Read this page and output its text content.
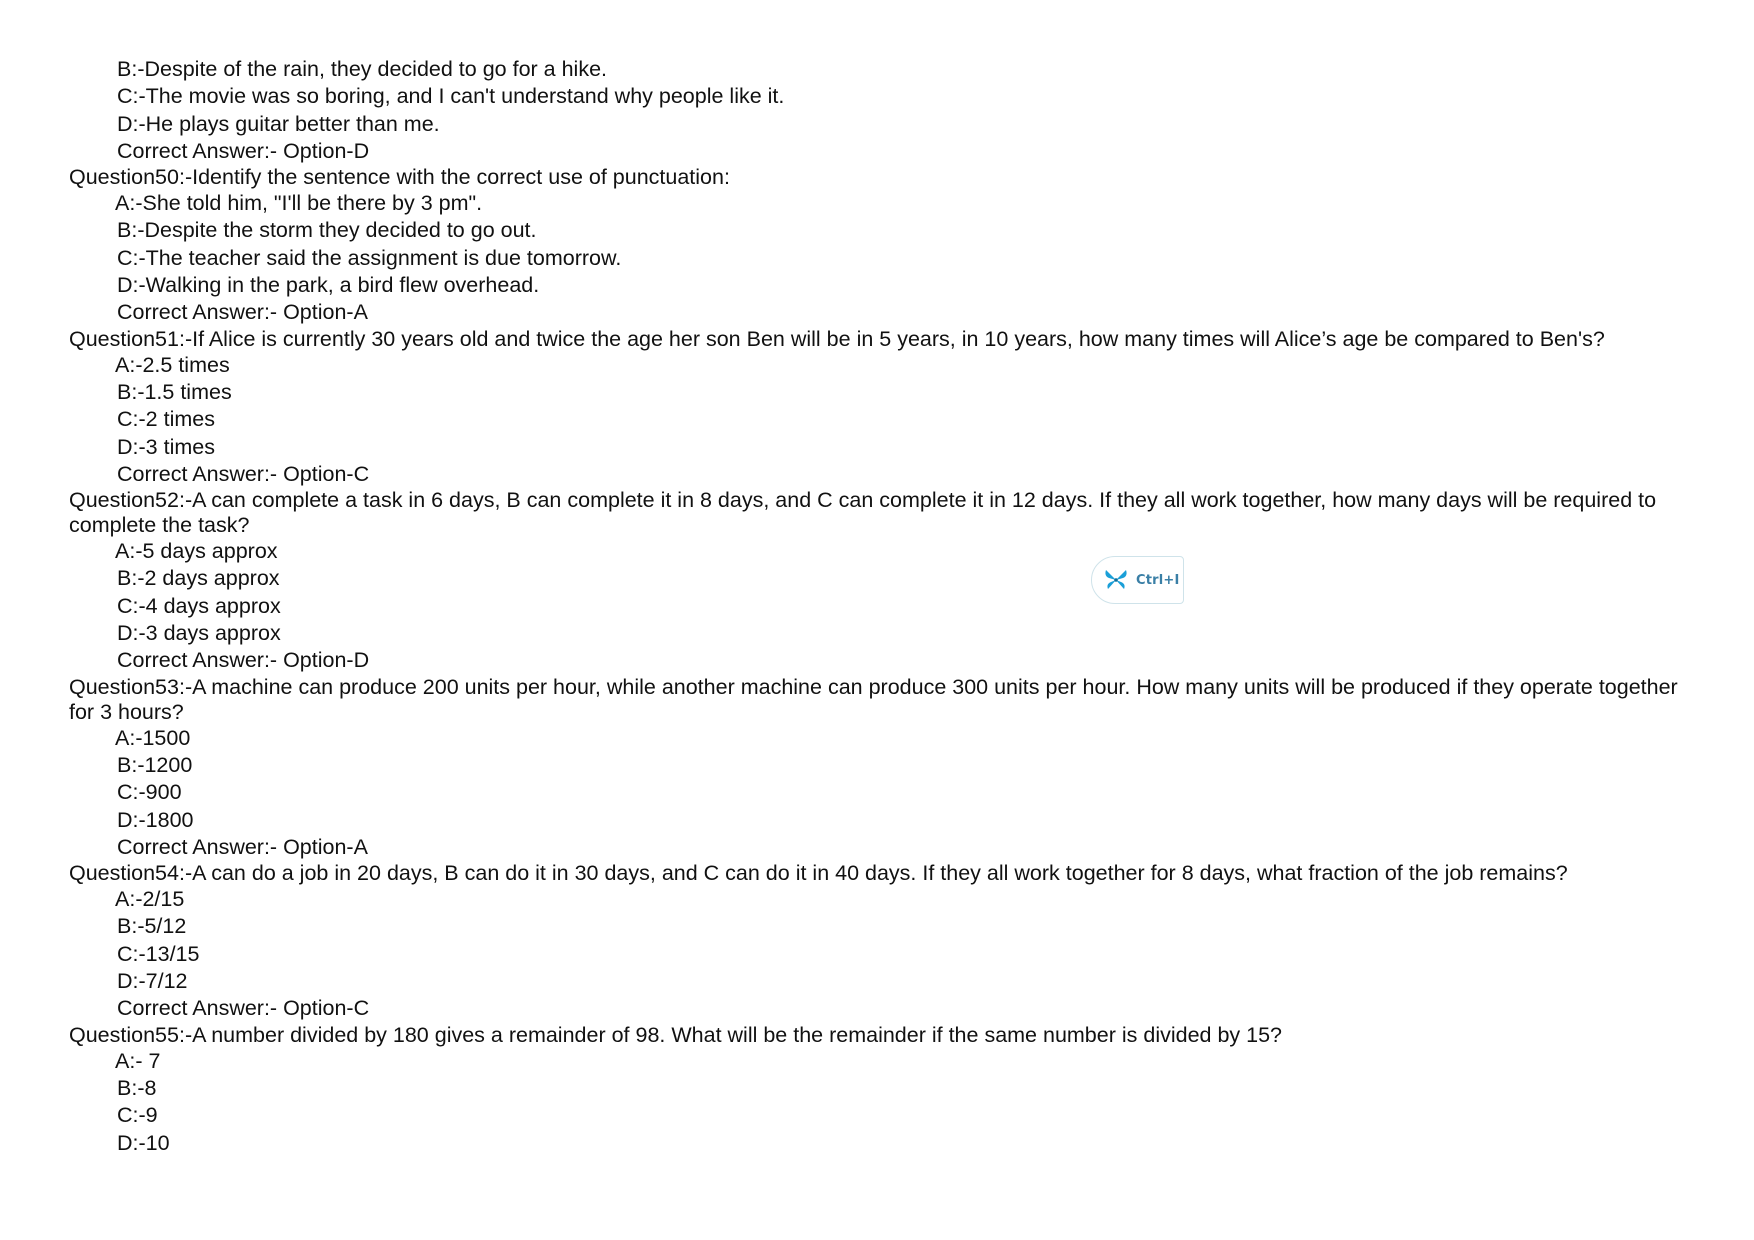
B:-Despite of the rain, they decided to go for a hike.
C:-The movie was so boring, and I can't understand why people like it.
D:-He plays guitar better than me.
Correct Answer:- Option-D
Question50:-Identify the sentence with the correct use of punctuation:
A:-She told him, "I'll be there by 3 pm".
B:-Despite the storm they decided to go out.
C:-The teacher said the assignment is due tomorrow.
D:-Walking in the park, a bird flew overhead.
Correct Answer:- Option-A
Question51:-If Alice is currently 30 years old and twice the age her son Ben will be in 5 years, in 10 years, how many times will Alice’s age be compared to Ben's?
A:-2.5 times
B:-1.5 times
C:-2 times
D:-3 times
Correct Answer:- Option-C
Question52:-A can complete a task in 6 days, B can complete it in 8 days, and C can complete it in 12 days. If they all work together, how many days will be required to complete the task?
A:-5 days approx
B:-2 days approx
C:-4 days approx
D:-3 days approx
Correct Answer:- Option-D
Question53:-A machine can produce 200 units per hour, while another machine can produce 300 units per hour. How many units will be produced if they operate together for 3 hours?
A:-1500
B:-1200
C:-900
D:-1800
Correct Answer:- Option-A
Question54:-A can do a job in 20 days, B can do it in 30 days, and C can do it in 40 days. If they all work together for 8 days, what fraction of the job remains?
A:-2/15
B:-5/12
C:-13/15
D:-7/12
Correct Answer:- Option-C
Question55:-A number divided by 180 gives a remainder of 98. What will be the remainder if the same number is divided by 15?
A:- 7
B:-8
C:-9
D:-10
Ctrl+I
